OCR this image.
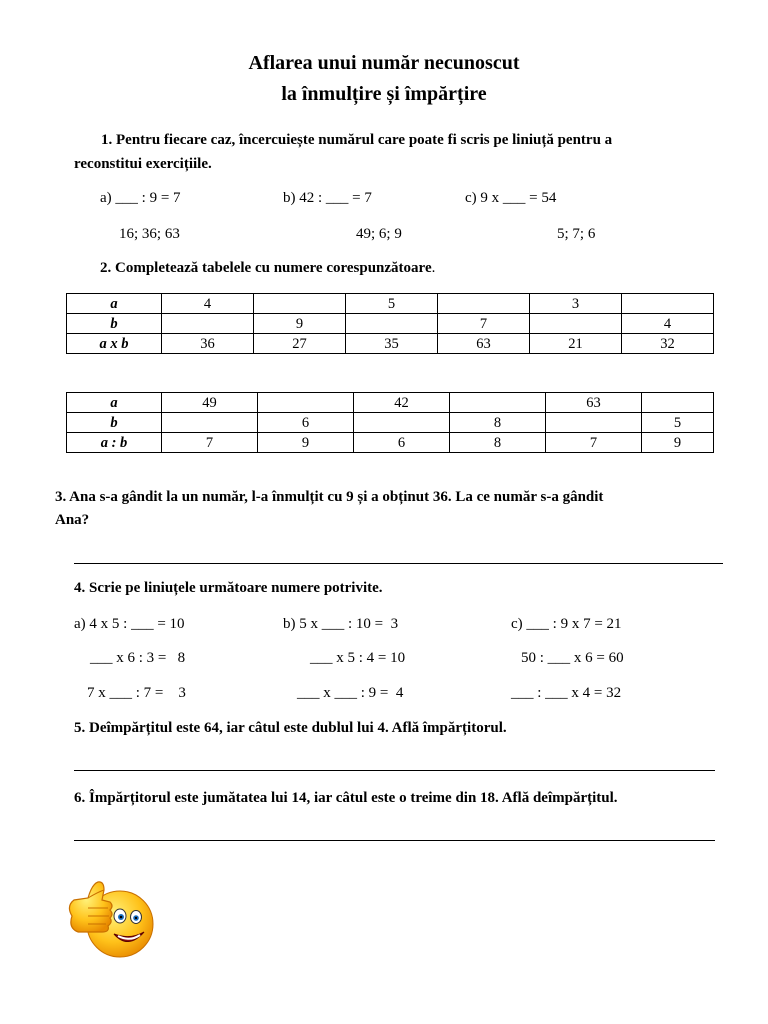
Aflarea unui număr necunoscut
la înmulțire și împărțire
1. Pentru fiecare caz, încercuiește numărul care poate fi scris pe liniuță pentru a
reconstitui exercițiile.
a) ___ : 9 = 7	b) 42 : ___ = 7	c) 9 x ___ = 54
16; 36; 63	49; 6; 9	5; 7; 6
2. Completează tabelele cu numere corespunzătoare.
a	4		5		3	
b		9		7		4
a x b	36	27	35	63	21	32
a	49		42		63	
b		6		8		5
a : b	7	9	6	8	7	9
3. Ana s-a gândit la un număr, l-a înmulțit cu 9 și a obținut 36. La ce număr s-a gândit
Ana?
4. Scrie pe liniuțele următoare numere potrivite.
a) 4 x 5 : ___ = 10	b) 5 x ___ : 10 =  3	c) ___ : 9 x 7 = 21
___ x 6 : 3 =   8	___ x 5 : 4 = 10	50 : ___ x 6 = 60
7 x ___ : 7 =    3	___ x ___ : 9 =  4	___ : ___ x 4 = 32
5. Deîmpărțitul este 64, iar câtul este dublul lui 4. Află împărțitorul.
6. Împărțitorul este jumătatea lui 14, iar câtul este o treime din 18. Află deîmpărțitul.
